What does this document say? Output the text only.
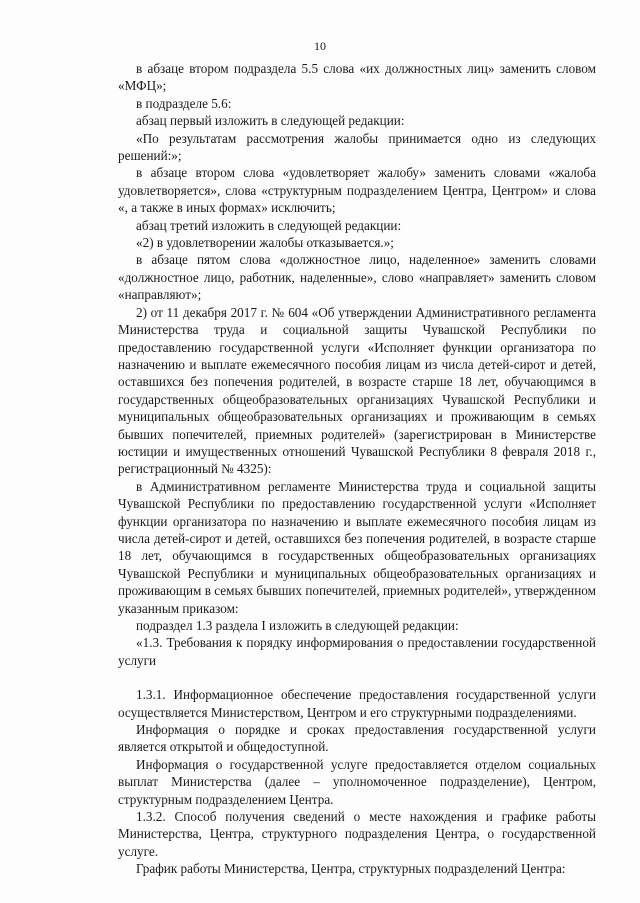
10

в абзаце втором подраздела 5.5 слова «их должностных лиц» заменить словом «МФЦ»;

в подразделе 5.6:

абзац первый изложить в следующей редакции:

«По результатам рассмотрения жалобы принимается одно из следующих решений:»;

в абзаце втором слова «удовлетворяет жалобу» заменить словами «жалоба удовлетворяется», слова «структурным подразделением Центра, Центром» и слова «, а также в иных формах» исключить;

абзац третий изложить в следующей редакции:

«2) в удовлетворении жалобы отказывается.»;

в абзаце пятом слова «должностное лицо, наделенное» заменить словами «должностное лицо, работник, наделенные», слово «направляет» заменить словом «направляют»;

2) от 11 декабря 2017 г. № 604 «Об утверждении Административного регламента Министерства труда и социальной защиты Чувашской Республики по предоставлению государственной услуги «Исполняет функции организатора по назначению и выплате ежемесячного пособия лицам из числа детей-сирот и детей, оставшихся без попечения родителей, в возрасте старше 18 лет, обучающимся в государственных общеобразовательных организациях Чувашской Республики и муниципальных общеобразовательных организациях и проживающим в семьях бывших попечителей, приемных родителей» (зарегистрирован в Министерстве юстиции и имущественных отношений Чувашской Республики 8 февраля 2018 г., регистрационный № 4325):

в Административном регламенте Министерства труда и социальной защиты Чувашской Республики по предоставлению государственной услуги «Исполняет функции организатора по назначению и выплате ежемесячного пособия лицам из числа детей-сирот и детей, оставшихся без попечения родителей, в возрасте старше 18 лет, обучающимся в государственных общеобразовательных организациях Чувашской Республики и муниципальных общеобразовательных организациях и проживающим в семьях бывших попечителей, приемных родителей», утвержденном указанным приказом:

подраздел 1.3 раздела I изложить в следующей редакции:

«1.3. Требования к порядку информирования о предоставлении государственной услуги

1.3.1. Информационное обеспечение предоставления государственной услуги осуществляется Министерством, Центром и его структурными подразделениями.

Информация о порядке и сроках предоставления государственной услуги является открытой и общедоступной.

Информация о государственной услуге предоставляется отделом социальных выплат Министерства (далее – уполномоченное подразделение), Центром, структурным подразделением Центра.

1.3.2. Способ получения сведений о месте нахождения и графике работы Министерства, Центра, структурного подразделения Центра, о государственной услуге.

График работы Министерства, Центра, структурных подразделений Центра:
